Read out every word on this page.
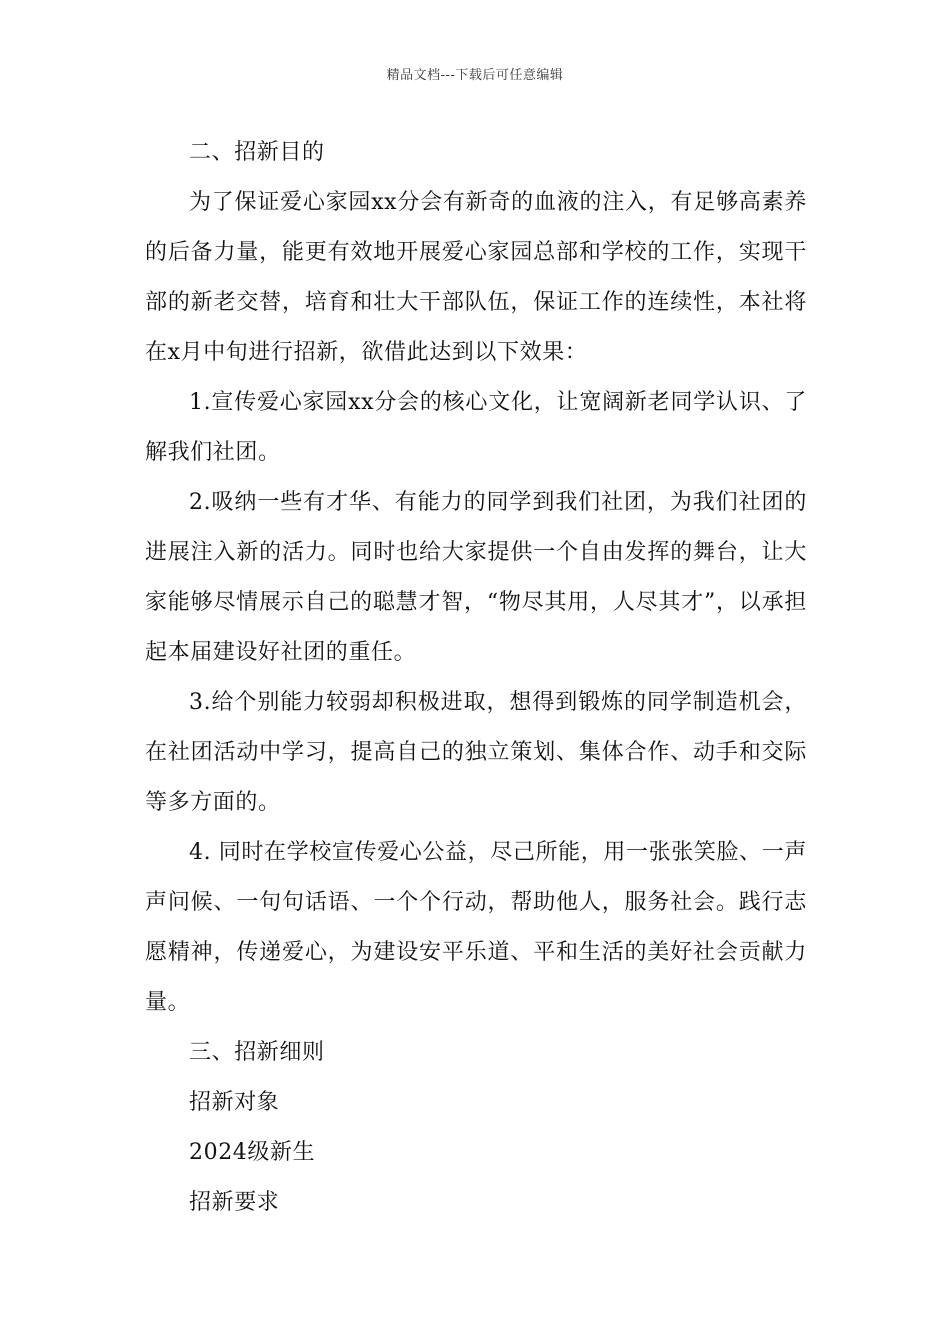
精品文档---下载后可任意编辑

二、招新目的

为了保证爱心家园xx分会有新奇的血液的注入，有足够高素养的后备力量，能更有效地开展爱心家园总部和学校的工作，实现干部的新老交替，培育和壮大干部队伍，保证工作的连续性，本社将在x月中旬进行招新，欲借此达到以下效果：

1.宣传爱心家园xx分会的核心文化，让宽阔新老同学认识、了解我们社团。

2.吸纳一些有才华、有能力的同学到我们社团，为我们社团的进展注入新的活力。同时也给大家提供一个自由发挥的舞台，让大家能够尽情展示自己的聪慧才智，“物尽其用，人尽其才”，以承担起本届建设好社团的重任。

3.给个别能力较弱却积极进取，想得到锻炼的同学制造机会，在社团活动中学习，提高自己的独立策划、集体合作、动手和交际等多方面的。

4. 同时在学校宣传爱心公益，尽己所能，用一张张笑脸、一声声问候、一句句话语、一个个行动，帮助他人，服务社会。践行志愿精神，传递爱心，为建设安平乐道、平和生活的美好社会贡献力量。

三、招新细则

招新对象

2024级新生

招新要求
